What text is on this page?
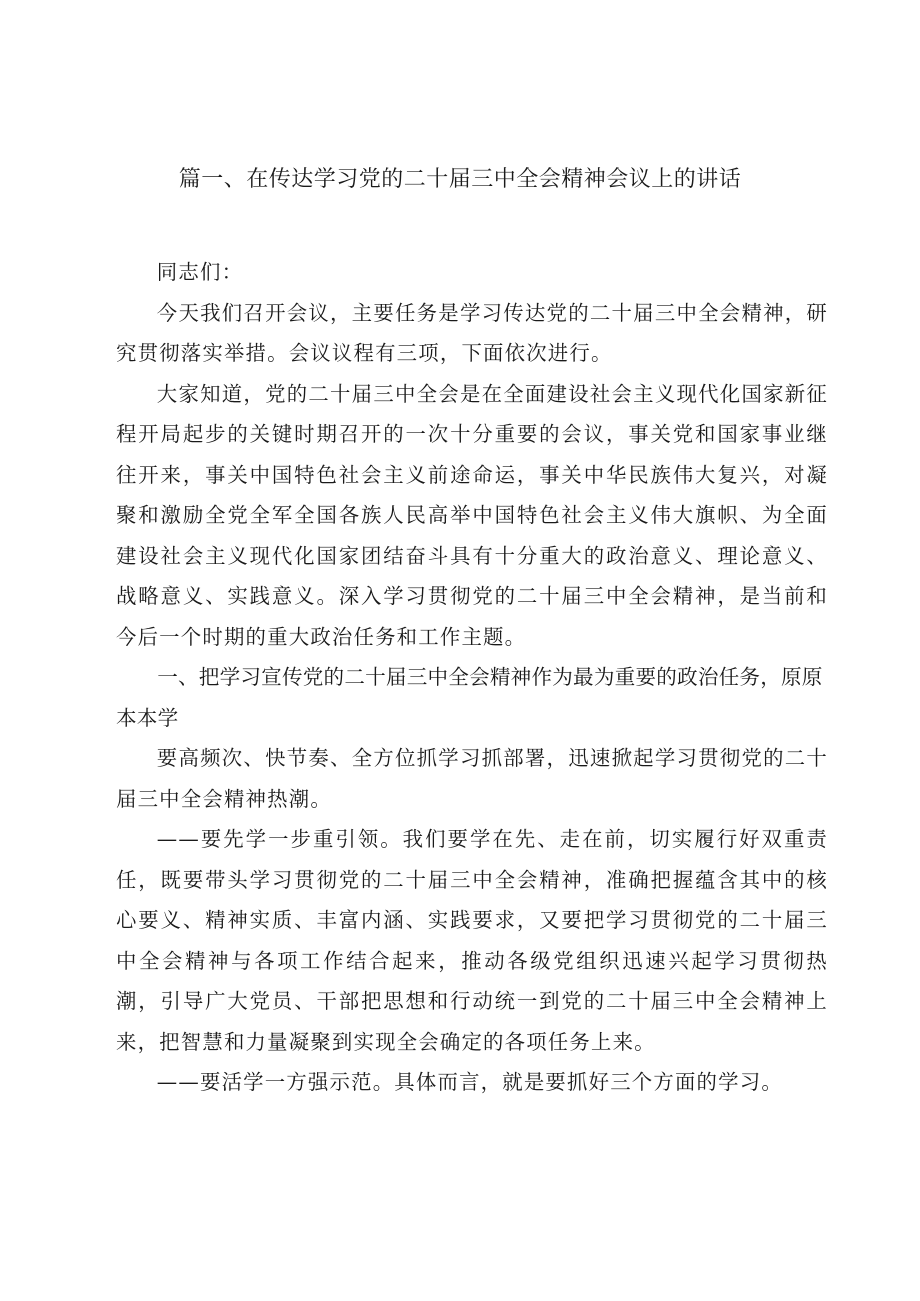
篇一、在传达学习党的二十届三中全会精神会议上的讲话

同志们：

今天我们召开会议，主要任务是学习传达党的二十届三中全会精神，研究贯彻落实举措。会议议程有三项，下面依次进行。

大家知道，党的二十届三中全会是在全面建设社会主义现代化国家新征程开局起步的关键时期召开的一次十分重要的会议，事关党和国家事业继往开来，事关中国特色社会主义前途命运，事关中华民族伟大复兴，对凝聚和激励全党全军全国各族人民高举中国特色社会主义伟大旗帜、为全面建设社会主义现代化国家团结奋斗具有十分重大的政治意义、理论意义、战略意义、实践意义。深入学习贯彻党的二十届三中全会精神，是当前和今后一个时期的重大政治任务和工作主题。

一、把学习宣传党的二十届三中全会精神作为最为重要的政治任务，原原本本学

要高频次、快节奏、全方位抓学习抓部署，迅速掀起学习贯彻党的二十届三中全会精神热潮。

——要先学一步重引领。我们要学在先、走在前，切实履行好双重责任，既要带头学习贯彻党的二十届三中全会精神，准确把握蕴含其中的核心要义、精神实质、丰富内涵、实践要求，又要把学习贯彻党的二十届三中全会精神与各项工作结合起来，推动各级党组织迅速兴起学习贯彻热潮，引导广大党员、干部把思想和行动统一到党的二十届三中全会精神上来，把智慧和力量凝聚到实现全会确定的各项任务上来。

——要活学一方强示范。具体而言，就是要抓好三个方面的学习。
